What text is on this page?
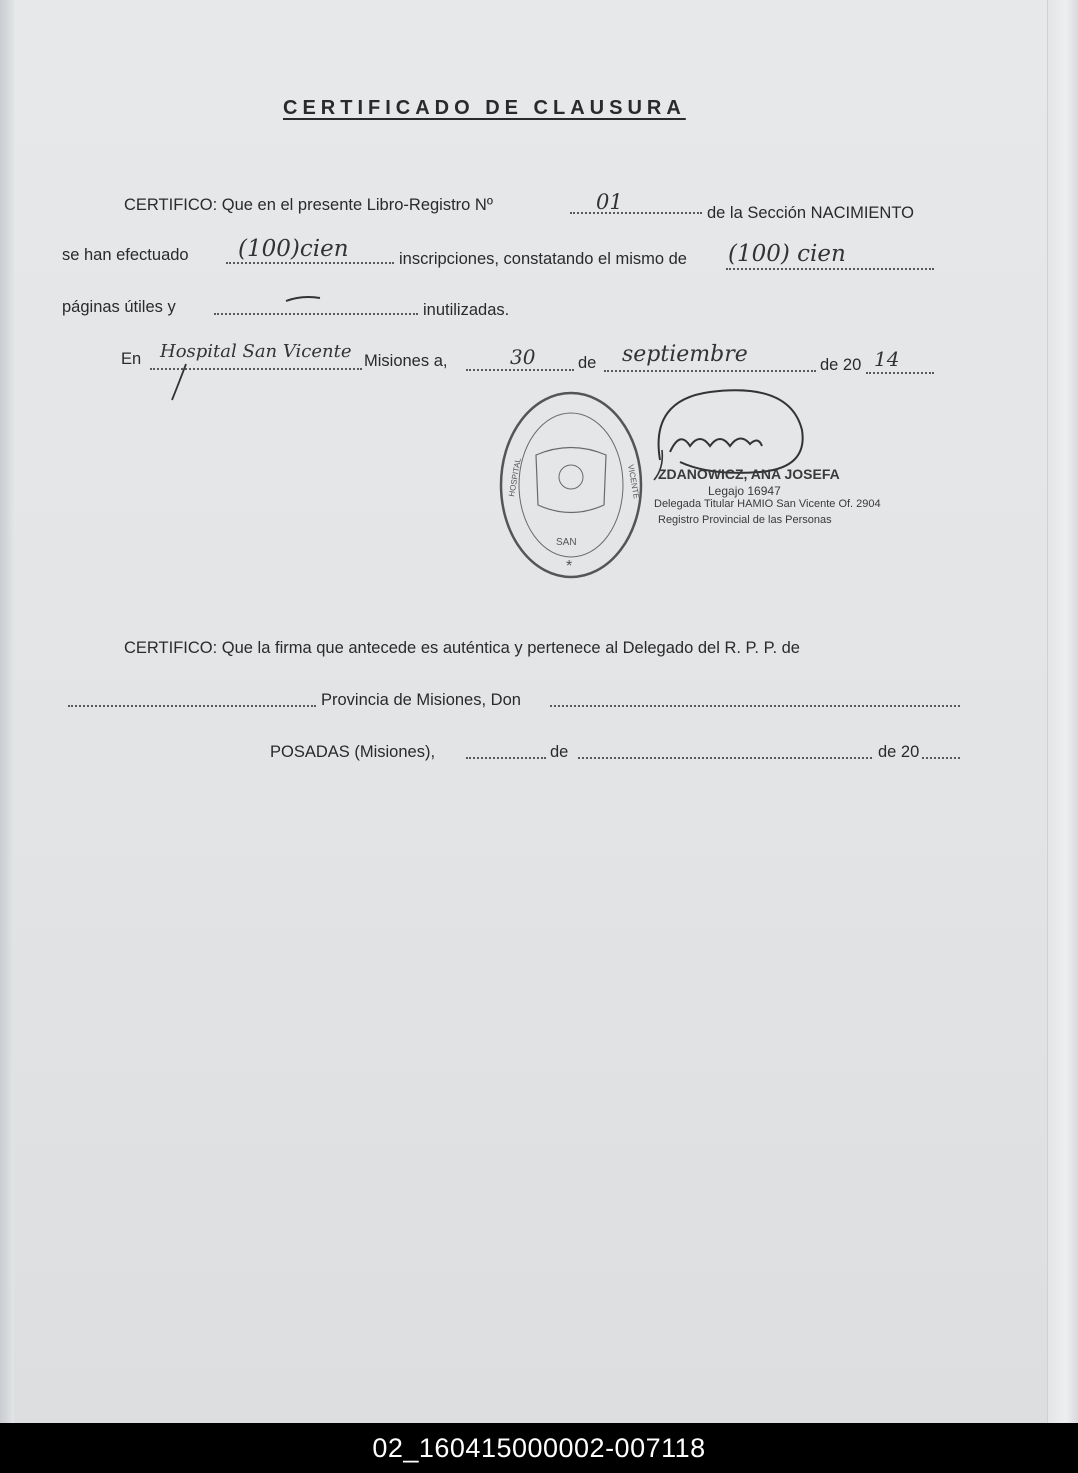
CERTIFICADO DE CLAUSURA
CERTIFICO: Que en el presente Libro-Registro Nº	01	de la Sección NACIMIENTO
se han efectuado (100)cien	inscripciones, constatando el mismo de (100) cien
páginas útiles y	inutilizadas.
En Hospital San Vicente Misiones a,	30	de septiembre	de 20 14
SAN
*
HOSPITAL	VICENTE ZDANOWICZ, ANA JOSEFA
Legajo 16947
Delegada Titular HAMIO San Vicente Of. 2904
Registro Provincial de las Personas
CERTIFICO: Que la firma que antecede es auténtica y pertenece al Delegado del R. P. P. de
Provincia de Misiones, Don
POSADAS (Misiones),	de	de 20
02_160415000002-007118
